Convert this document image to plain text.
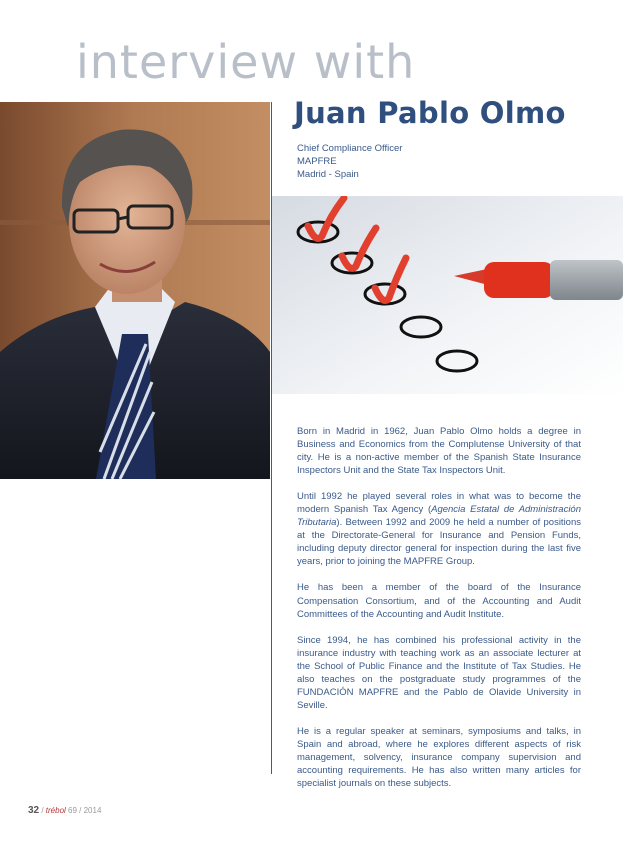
interview with
Juan Pablo Olmo
Chief Compliance Officer
MAPFRE
Madrid - Spain

Born in Madrid in 1962, Juan Pablo Olmo holds a degree in Business and Economics from the Complutense University of that city. He is a non-active member of the Spanish State Insurance Inspectors Unit and the State Tax Inspectors Unit.

Until 1992 he played several roles in what was to become the modern Spanish Tax Agency (Agencia Estatal de Administración Tributaria). Between 1992 and 2009 he held a number of positions at the Directorate-General for Insurance and Pension Funds, including deputy director general for inspection during the last five years, prior to joining the MAPFRE Group.

He has been a member of the board of the Insurance Compensation Consortium, and of the Accounting and Audit Committees of the Accounting and Audit Institute.

Since 1994, he has combined his professional activity in the insurance industry with teaching work as an associate lecturer at the School of Public Finance and the Institute of Tax Studies. He also teaches on the postgraduate study programmes of the FUNDACIÓN MAPFRE and the Pablo de Olavide University in Seville.

He is a regular speaker at seminars, symposiums and talks, in Spain and abroad, where he explores different aspects of risk management, solvency, insurance company supervision and accounting requirements. He has also written many articles for specialist journals on these subjects.

32 / trébol 69 / 2014
